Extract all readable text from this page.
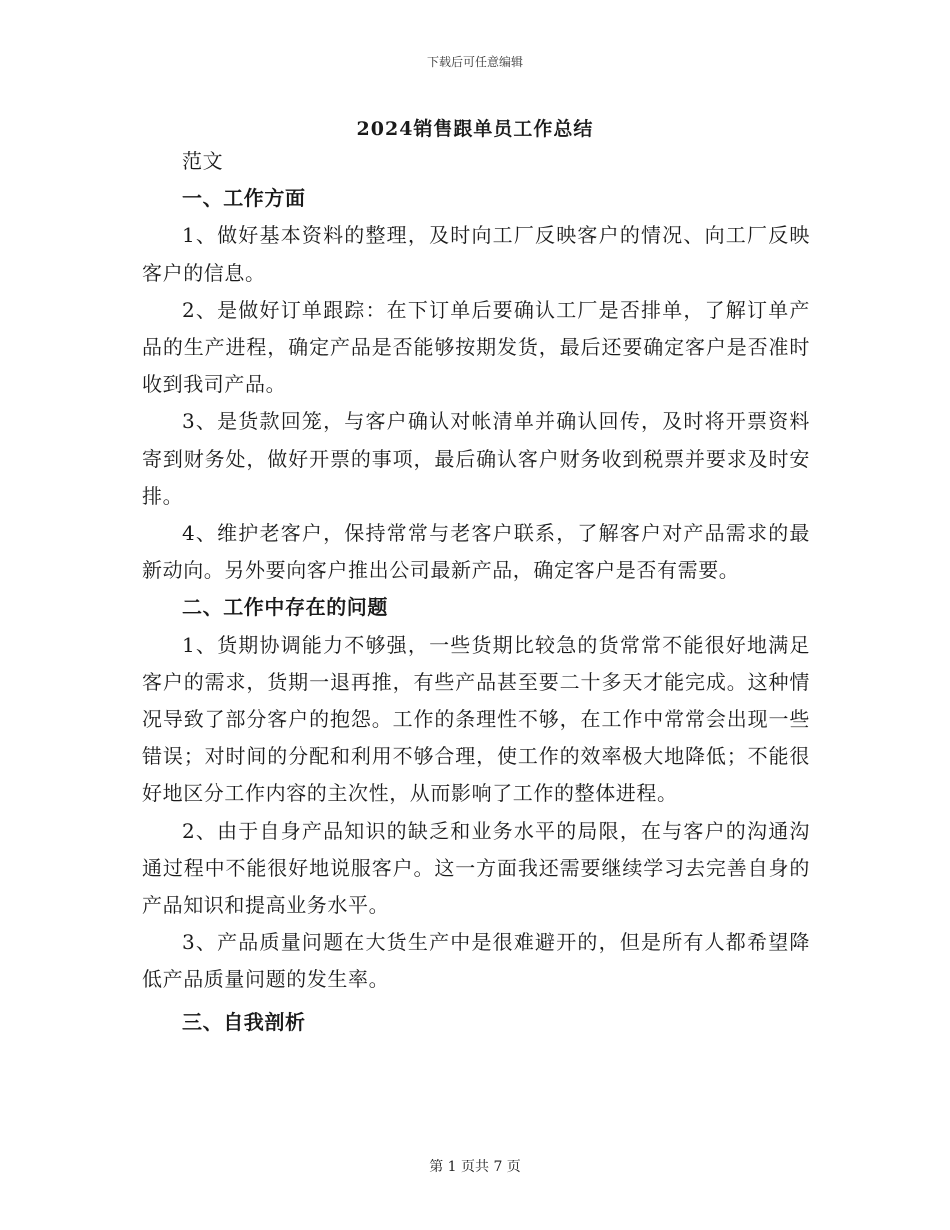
下载后可任意编辑
2024销售跟单员工作总结

范文

一、工作方面

1、做好基本资料的整理，及时向工厂反映客户的情况、向工厂反映客户的信息。

2、是做好订单跟踪：在下订单后要确认工厂是否排单，了解订单产品的生产进程，确定产品是否能够按期发货，最后还要确定客户是否准时收到我司产品。

3、是货款回笼，与客户确认对帐清单并确认回传，及时将开票资料寄到财务处，做好开票的事项，最后确认客户财务收到税票并要求及时安排。

4、维护老客户，保持常常与老客户联系，了解客户对产品需求的最新动向。另外要向客户推出公司最新产品，确定客户是否有需要。

二、工作中存在的问题

1、货期协调能力不够强，一些货期比较急的货常常不能很好地满足客户的需求，货期一退再推，有些产品甚至要二十多天才能完成。这种情况导致了部分客户的抱怨。工作的条理性不够，在工作中常常会出现一些错误；对时间的分配和利用不够合理，使工作的效率极大地降低；不能很好地区分工作内容的主次性，从而影响了工作的整体进程。

2、由于自身产品知识的缺乏和业务水平的局限，在与客户的沟通沟通过程中不能很好地说服客户。这一方面我还需要继续学习去完善自身的产品知识和提高业务水平。

3、产品质量问题在大货生产中是很难避开的，但是所有人都希望降低产品质量问题的发生率。

三、自我剖析

第 1 页共 7 页
